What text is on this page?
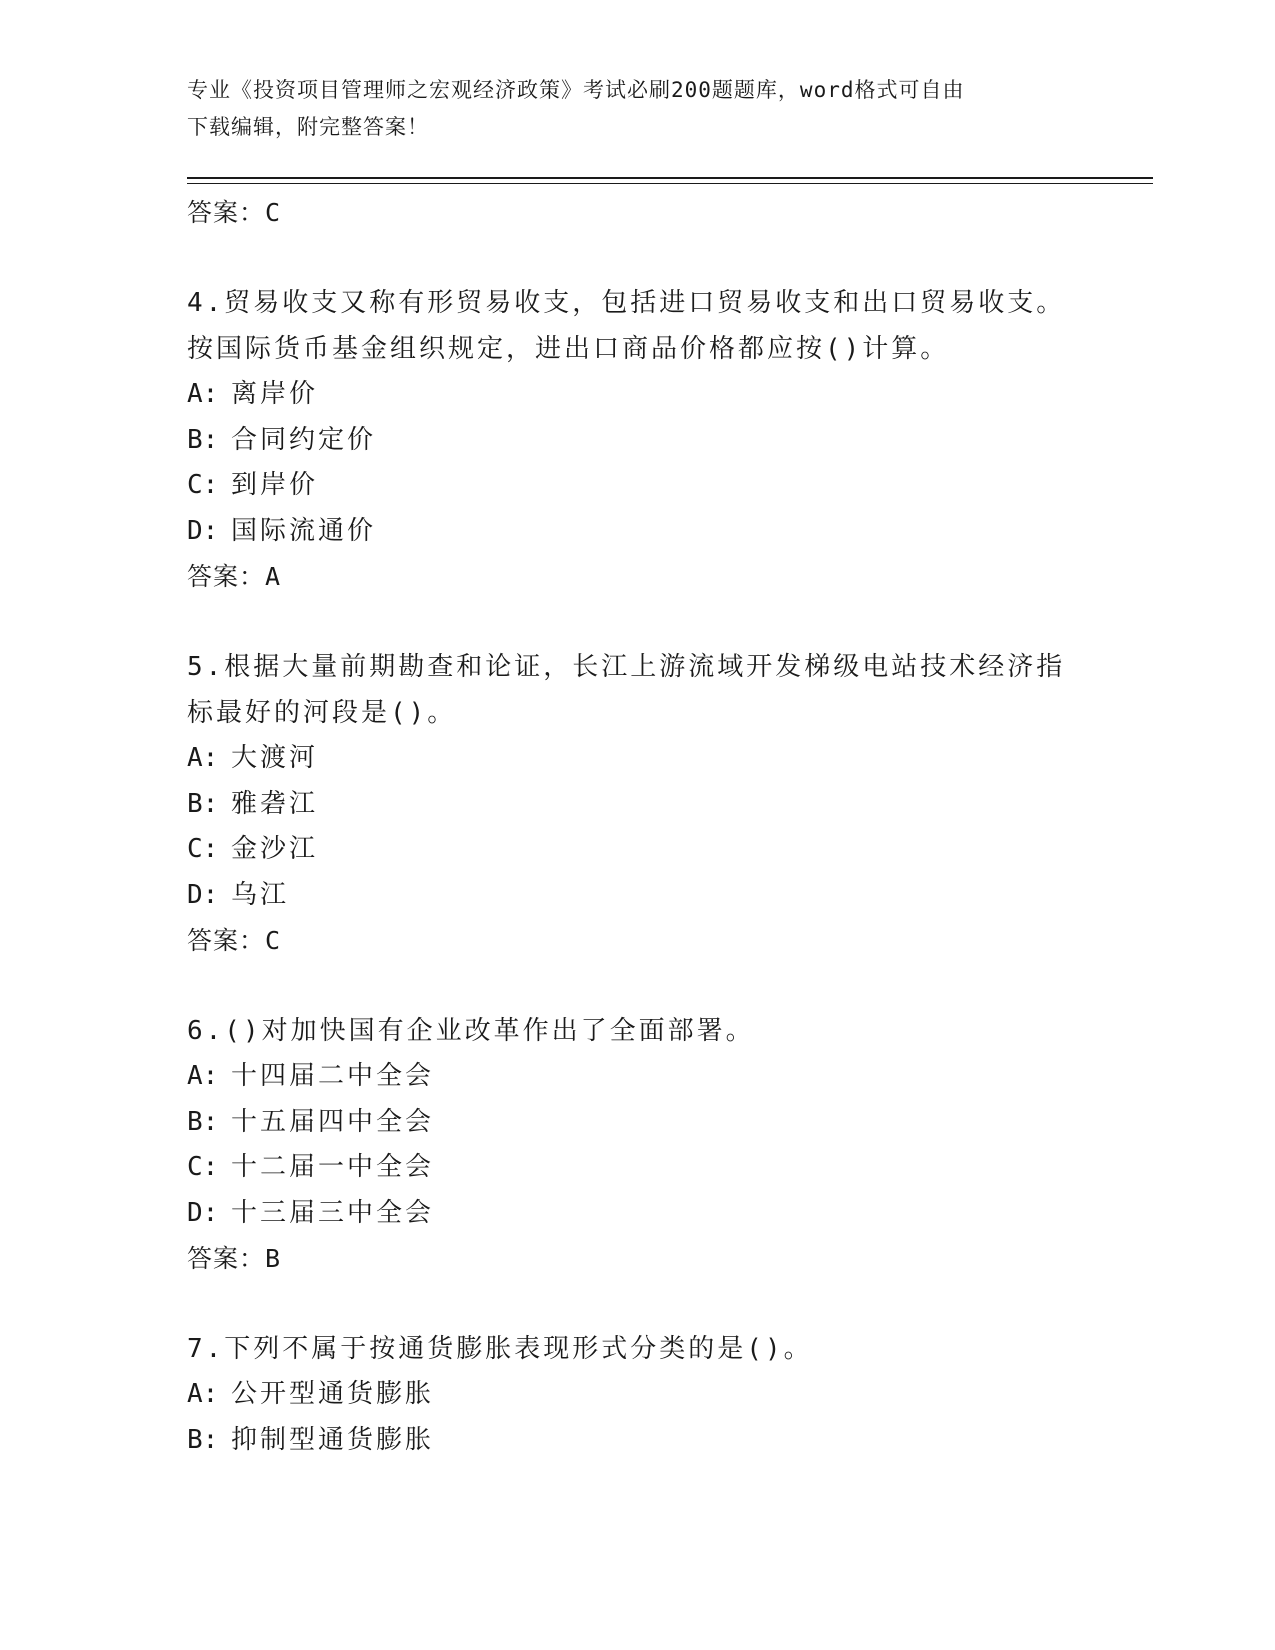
专业《投资项目管理师之宏观经济政策》考试必刷200题题库，word格式可自由
下载编辑，附完整答案！
答案：C
4.贸易收支又称有形贸易收支，包括进口贸易收支和出口贸易收支。
按国际货币基金组织规定，进出口商品价格都应按()计算。
A: 离岸价
B: 合同约定价
C: 到岸价
D: 国际流通价
答案：A
5.根据大量前期勘查和论证，长江上游流域开发梯级电站技术经济指
标最好的河段是()。
A: 大渡河
B: 雅砻江
C: 金沙江
D: 乌江
答案：C
6.()对加快国有企业改革作出了全面部署。
A: 十四届二中全会
B: 十五届四中全会
C: 十二届一中全会
D: 十三届三中全会
答案：B
7.下列不属于按通货膨胀表现形式分类的是()。
A: 公开型通货膨胀
B: 抑制型通货膨胀
